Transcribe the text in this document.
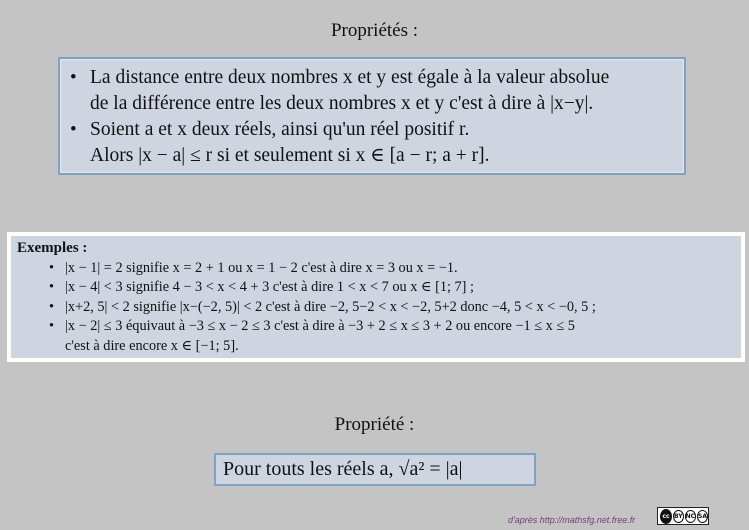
Propriétés :
• La distance entre deux nombres x et y est égale à la valeur absolue
de la différence entre les deux nombres x et y c'est à dire à |x−y|.
• Soient a et x deux réels, ainsi qu'un réel positif r.
Alors |x − a| ≤ r si et seulement si x ∈ [a − r; a + r].
Exemples :
• |x − 1| = 2 signifie x = 2 + 1 ou x = 1 − 2 c'est à dire x = 3 ou x = −1.
• |x − 4| < 3 signifie 4 − 3 < x < 4 + 3 c'est à dire 1 < x < 7 ou x ∈ [1; 7] ;
• |x+2, 5| < 2 signifie |x−(−2, 5)| < 2 c'est à dire −2, 5−2 < x < −2, 5+2 donc −4, 5 < x < −0, 5 ;
• |x − 2| ≤ 3 équivaut à −3 ≤ x − 2 ≤ 3 c'est à dire à −3 + 2 ≤ x ≤ 3 + 2 ou encore −1 ≤ x ≤ 5
c'est à dire encore x ∈ [−1; 5].
Propriété :
Pour touts les réels a, √a² = |a|
d'après http://mathsfg.net.free.fr	cc BY NC SA
